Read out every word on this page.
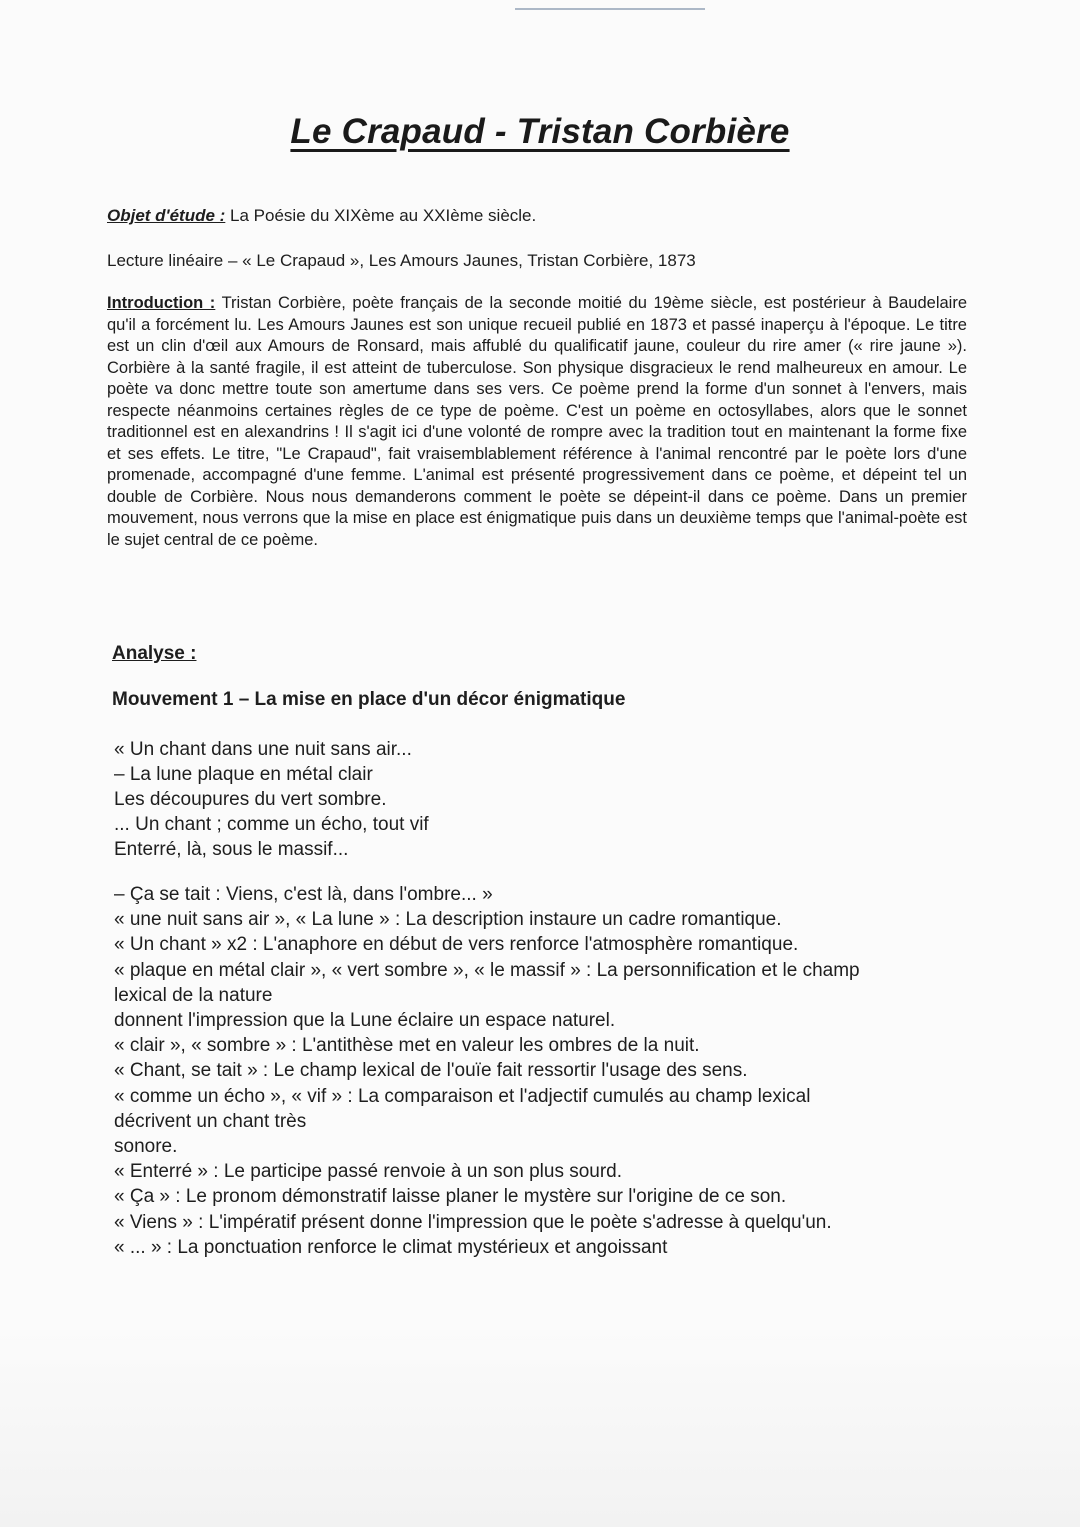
Le Crapaud - Tristan Corbière
Objet d'étude : La Poésie du XIXème au XXIème siècle.
Lecture linéaire – « Le Crapaud », Les Amours Jaunes, Tristan Corbière, 1873
Introduction : Tristan Corbière, poète français de la seconde moitié du 19ème siècle, est postérieur à Baudelaire qu'il a forcément lu. Les Amours Jaunes est son unique recueil publié en 1873 et passé inaperçu à l'époque. Le titre est un clin d'œil aux Amours de Ronsard, mais affublé du qualificatif jaune, couleur du rire amer (« rire jaune »). Corbière à la santé fragile, il est atteint de tuberculose. Son physique disgracieux le rend malheureux en amour. Le poète va donc mettre toute son amertume dans ses vers. Ce poème prend la forme d'un sonnet à l'envers, mais respecte néanmoins certaines règles de ce type de poème. C'est un poème en octosyllabes, alors que le sonnet traditionnel est en alexandrins ! Il s'agit ici d'une volonté de rompre avec la tradition tout en maintenant la forme fixe et ses effets. Le titre, "Le Crapaud", fait vraisemblablement référence à l'animal rencontré par le poète lors d'une promenade, accompagné d'une femme. L'animal est présenté progressivement dans ce poème, et dépeint tel un double de Corbière. Nous nous demanderons comment le poète se dépeint-il dans ce poème. Dans un premier mouvement, nous verrons que la mise en place est énigmatique puis dans un deuxième temps que l'animal-poète est le sujet central de ce poème.
Analyse :
Mouvement 1 – La mise en place d'un décor énigmatique
« Un chant dans une nuit sans air...
– La lune plaque en métal clair
Les découpures du vert sombre.
... Un chant ; comme un écho, tout vif
Enterré, là, sous le massif...
– Ça se tait : Viens, c'est là, dans l'ombre... »
« une nuit sans air », « La lune » : La description instaure un cadre romantique.
« Un chant » x2 : L'anaphore en début de vers renforce l'atmosphère romantique.
« plaque en métal clair », « vert sombre », « le massif » : La personnification et le champ
lexical de la nature
donnent l'impression que la Lune éclaire un espace naturel.
« clair », « sombre » : L'antithèse met en valeur les ombres de la nuit.
« Chant, se tait » : Le champ lexical de l'ouïe fait ressortir l'usage des sens.
« comme un écho », « vif » : La comparaison et l'adjectif cumulés au champ lexical
décrivent un chant très
sonore.
« Enterré » : Le participe passé renvoie à un son plus sourd.
« Ça » : Le pronom démonstratif laisse planer le mystère sur l'origine de ce son.
« Viens » : L'impératif présent donne l'impression que le poète s'adresse à quelqu'un.
« ... » : La ponctuation renforce le climat mystérieux et angoissant
